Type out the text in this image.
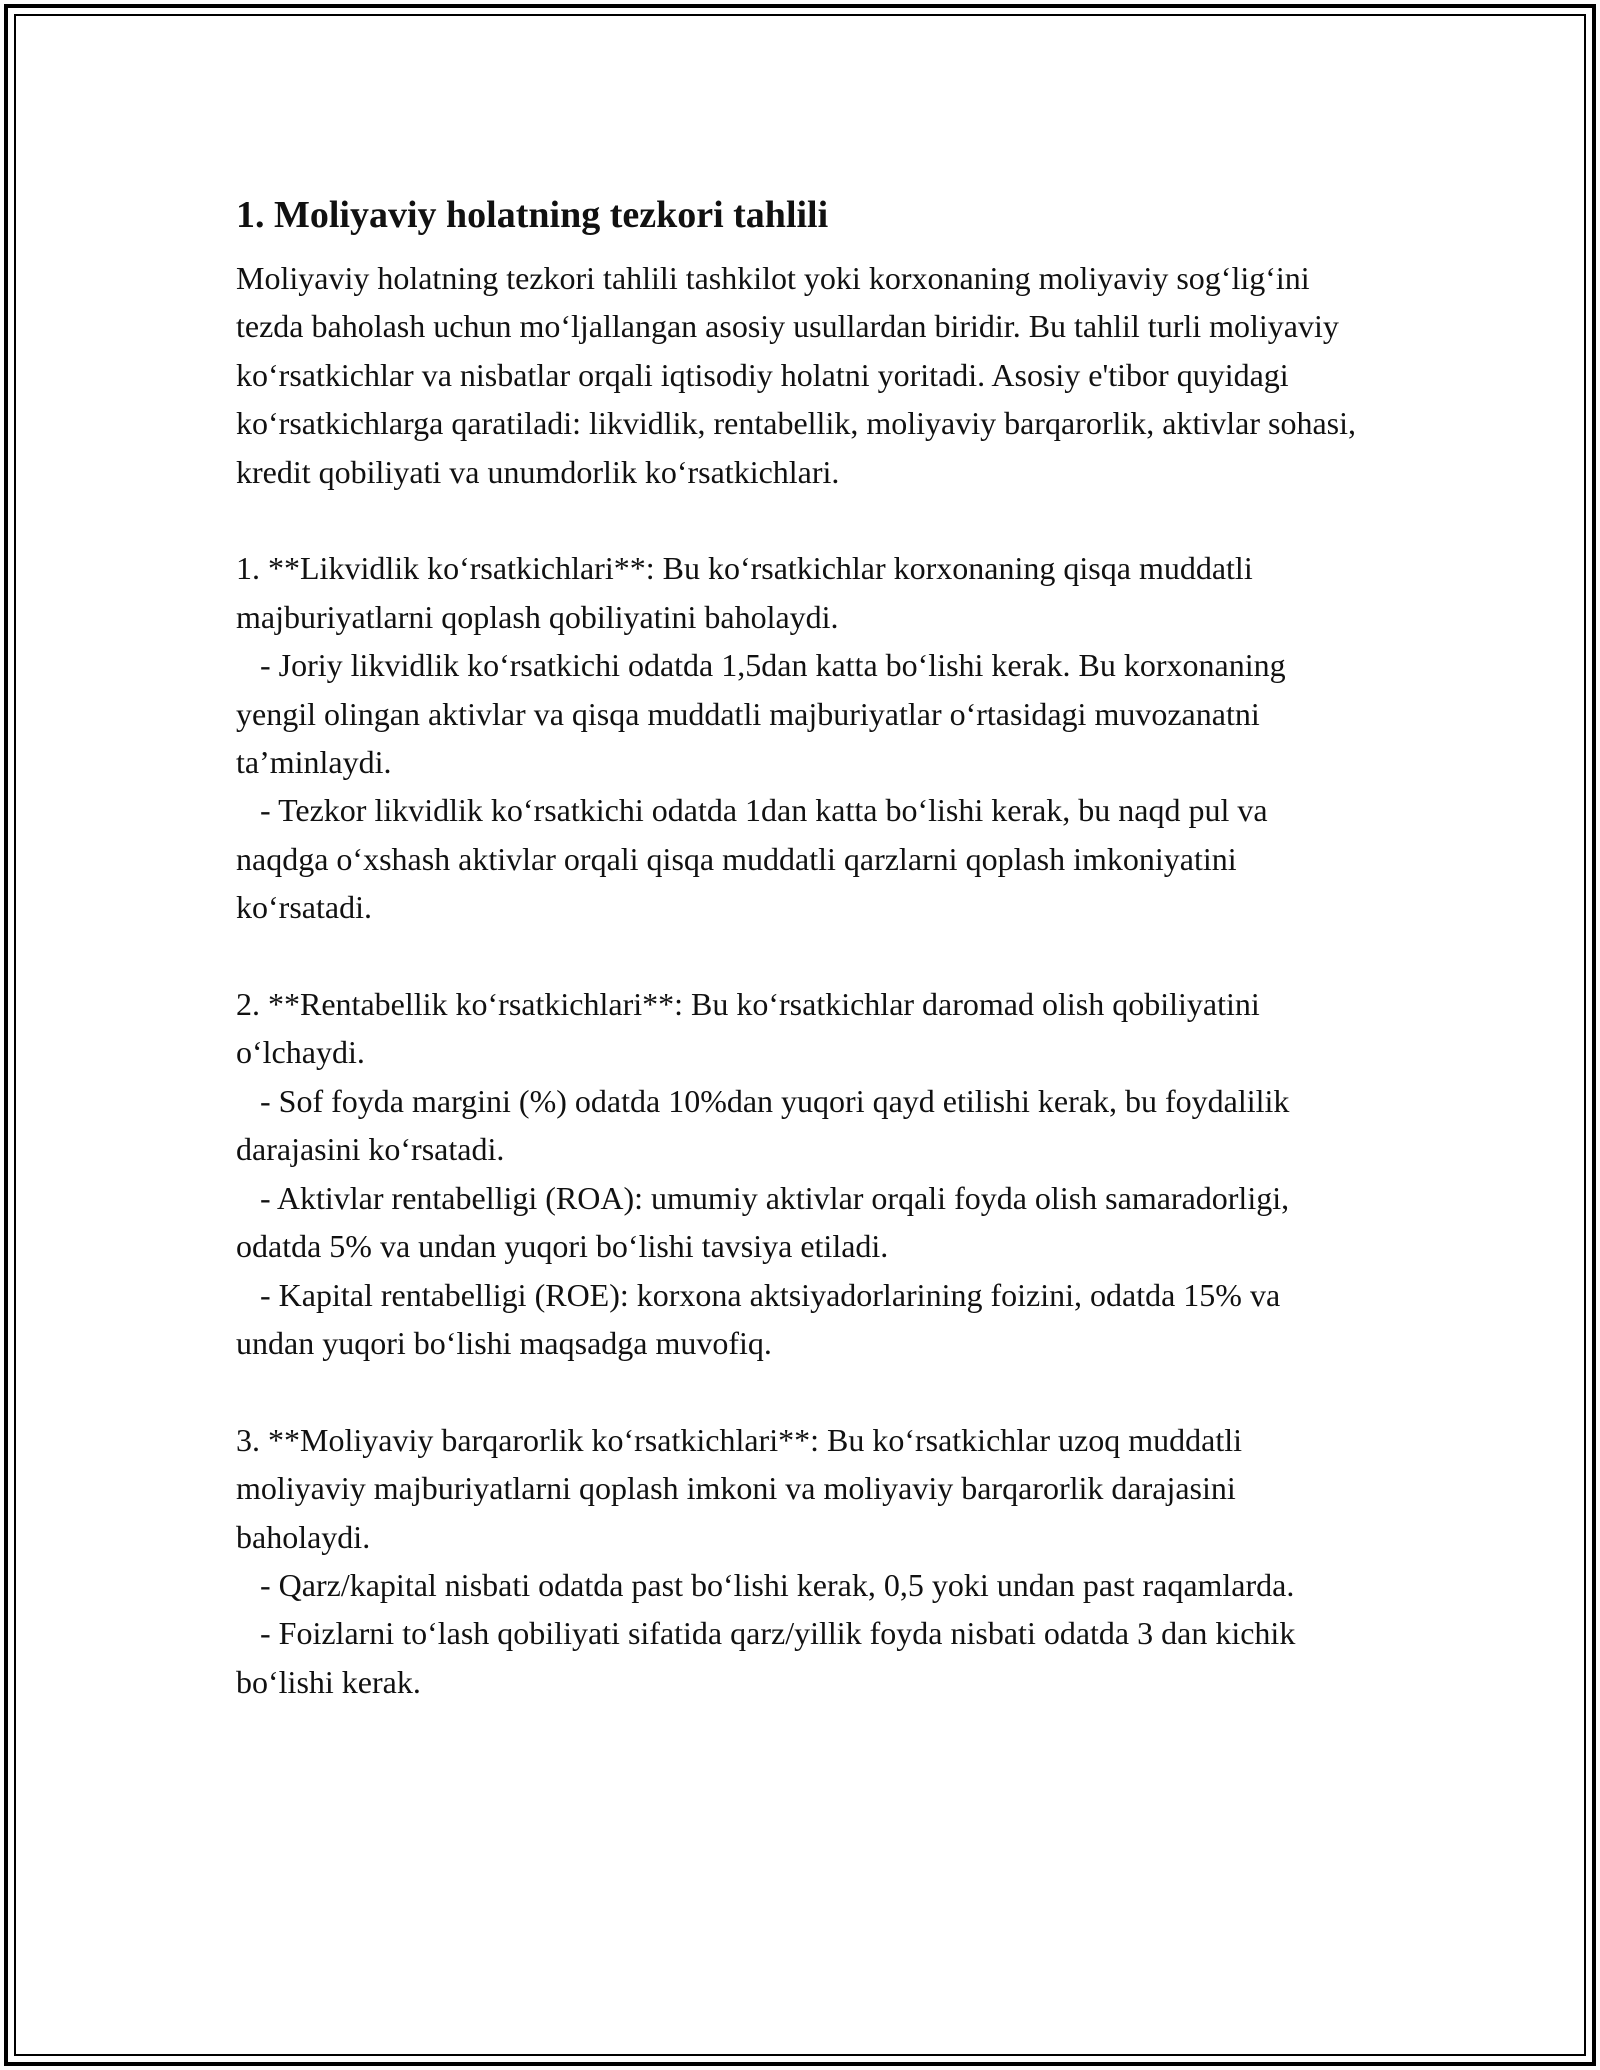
1. Moliyaviy holatning tezkori tahlili

Moliyaviy holatning tezkori tahlili tashkilot yoki korxonaning moliyaviy sog‘lig‘ini tezda baholash uchun mo‘ljallangan asosiy usullardan biridir. Bu tahlil turli moliyaviy ko‘rsatkichlar va nisbatlar orqali iqtisodiy holatni yoritadi. Asosiy e'tibor quyidagi ko‘rsatkichlarga qaratiladi: likvidlik, rentabellik, moliyaviy barqarorlik, aktivlar sohasi, kredit qobiliyati va unumdorlik ko‘rsatkichlari.

1. **Likvidlik ko‘rsatkichlari**: Bu ko‘rsatkichlar korxonaning qisqa muddatli majburiyatlarni qoplash qobiliyatini baholaydi.

- Joriy likvidlik ko‘rsatkichi odatda 1,5dan katta bo‘lishi kerak. Bu korxonaning yengil olingan aktivlar va qisqa muddatli majburiyatlar o‘rtasidagi muvozanatni ta’minlaydi.

- Tezkor likvidlik ko‘rsatkichi odatda 1dan katta bo‘lishi kerak, bu naqd pul va naqdga o‘xshash aktivlar orqali qisqa muddatli qarzlarni qoplash imkoniyatini ko‘rsatadi.

2. **Rentabellik ko‘rsatkichlari**: Bu ko‘rsatkichlar daromad olish qobiliyatini o‘lchaydi.

- Sof foyda margini (%) odatda 10%dan yuqori qayd etilishi kerak, bu foydalilik darajasini ko‘rsatadi.

- Aktivlar rentabelligi (ROA): umumiy aktivlar orqali foyda olish samaradorligi, odatda 5% va undan yuqori bo‘lishi tavsiya etiladi.

- Kapital rentabelligi (ROE): korxona aktsiyadorlarining foizini, odatda 15% va undan yuqori bo‘lishi maqsadga muvofiq.

3. **Moliyaviy barqarorlik ko‘rsatkichlari**: Bu ko‘rsatkichlar uzoq muddatli moliyaviy majburiyatlarni qoplash imkoni va moliyaviy barqarorlik darajasini baholaydi.

- Qarz/kapital nisbati odatda past bo‘lishi kerak, 0,5 yoki undan past raqamlarda.

- Foizlarni to‘lash qobiliyati sifatida qarz/yillik foyda nisbati odatda 3 dan kichik bo‘lishi kerak.
